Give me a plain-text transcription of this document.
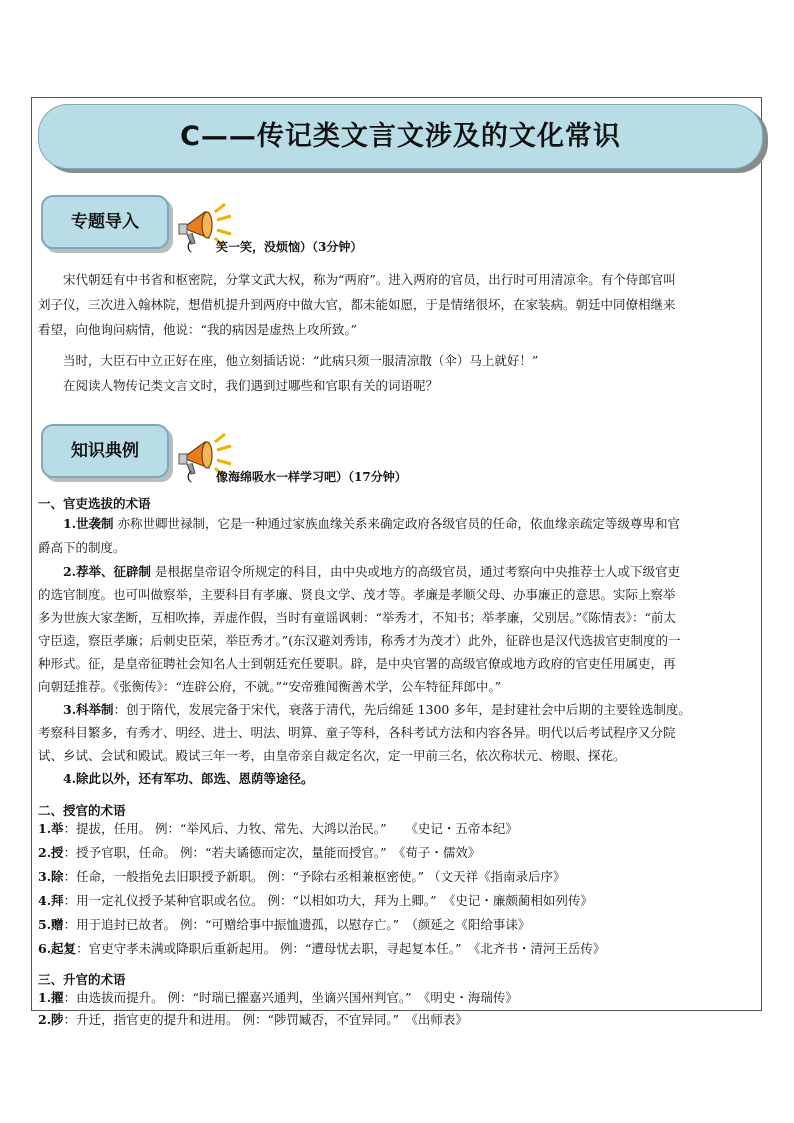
C——传记类文言文涉及的文化常识
专题导入
（　　笑一笑，没烦恼）（3分钟）
宋代朝廷有中书省和枢密院，分掌文武大权，称为“两府”。进入两府的官员，出行时可用清凉伞。有个侍郎官叫
刘子仪，三次进入翰林院，想借机提升到两府中做大官，都未能如愿，于是情绪很坏，在家装病。朝廷中同僚相继来
看望，向他询问病情，他说：“我的病因是虚热上攻所致。”
当时，大臣石中立正好在座，他立刻插话说：“此病只须一服清凉散（伞）马上就好！”
在阅读人物传记类文言文时，我们遇到过哪些和官职有关的词语呢？
知识典例
（　　像海绵吸水一样学习吧）（17分钟）
一、官吏选拔的术语
1.世袭制 亦称世卿世禄制，它是一种通过家族血缘关系来确定政府各级官员的任命，依血缘亲疏定等级尊卑和官
爵高下的制度。
2.荐举、征辟制 是根据皇帝诏令所规定的科目，由中央或地方的高级官员，通过考察向中央推荐士人或下级官吏
的选官制度。也可叫做察举，主要科目有孝廉、贤良文学、茂才等。孝廉是孝顺父母、办事廉正的意思。实际上察举
多为世族大家垄断，互相吹捧，弄虚作假，当时有童谣讽刺：“举秀才，不知书；举孝廉，父别居。”《陈情表》：“前太
守臣逵，察臣孝廉；后刺史臣荣，举臣秀才。”(东汉避刘秀讳，称秀才为茂才）此外，征辟也是汉代选拔官吏制度的一
种形式。征，是皇帝征聘社会知名人士到朝廷充任要职。辟，是中央官署的高级官僚或地方政府的官吏任用属吏，再
向朝廷推荐。《张衡传》：“连辟公府，不就。”“安帝雅闻衡善术学，公车特征拜郎中。”
3.科举制：创于隋代，发展完备于宋代，衰落于清代，先后绵延 1300 多年，是封建社会中后期的主要铨选制度。
考察科目繁多，有秀才、明经、进士、明法、明算、童子等科，各科考试方法和内容各异。明代以后考试程序又分院
试、乡试、会试和殿试。殿试三年一考，由皇帝亲自裁定名次，定一甲前三名，依次称状元、榜眼、探花。
4.除此以外，还有军功、郎选、恩荫等途径。
二、授官的术语
1.举：提拔，任用。 例：“举风后、力牧、常先、大鸿以治民。”　　《史记・五帝本纪》
2.授：授予官职，任命。 例：“若夫谲德而定次，量能而授官。”　《荀子・儒效》
3.除：任命，一般指免去旧职授予新职。 例：“予除右丞相兼枢密使。” （文天祥《指南录后序》
4.拜：用一定礼仪授予某种官职或名位。 例：“以相如功大，拜为上卿。”　《史记・廉颇蔺相如列传》
5.赠：用于追封已故者。 例：“可赠给事中振恤遗孤，以慰存亡。”　（颜延之《阳给事诔》
6.起复：官吏守孝未满或降职后重新起用。 例：“遭母忧去职，寻起复本任。”　《北齐书・清河王岳传》
三、升官的术语
1.擢：由选拔而提升。 例：“时瑞已擢嘉兴通判，坐谪兴国州判官。”　《明史・海瑞传》
2.陟：升迁，指官吏的提升和进用。 例：“陟罚臧否，不宜异同。”　《出师表》
